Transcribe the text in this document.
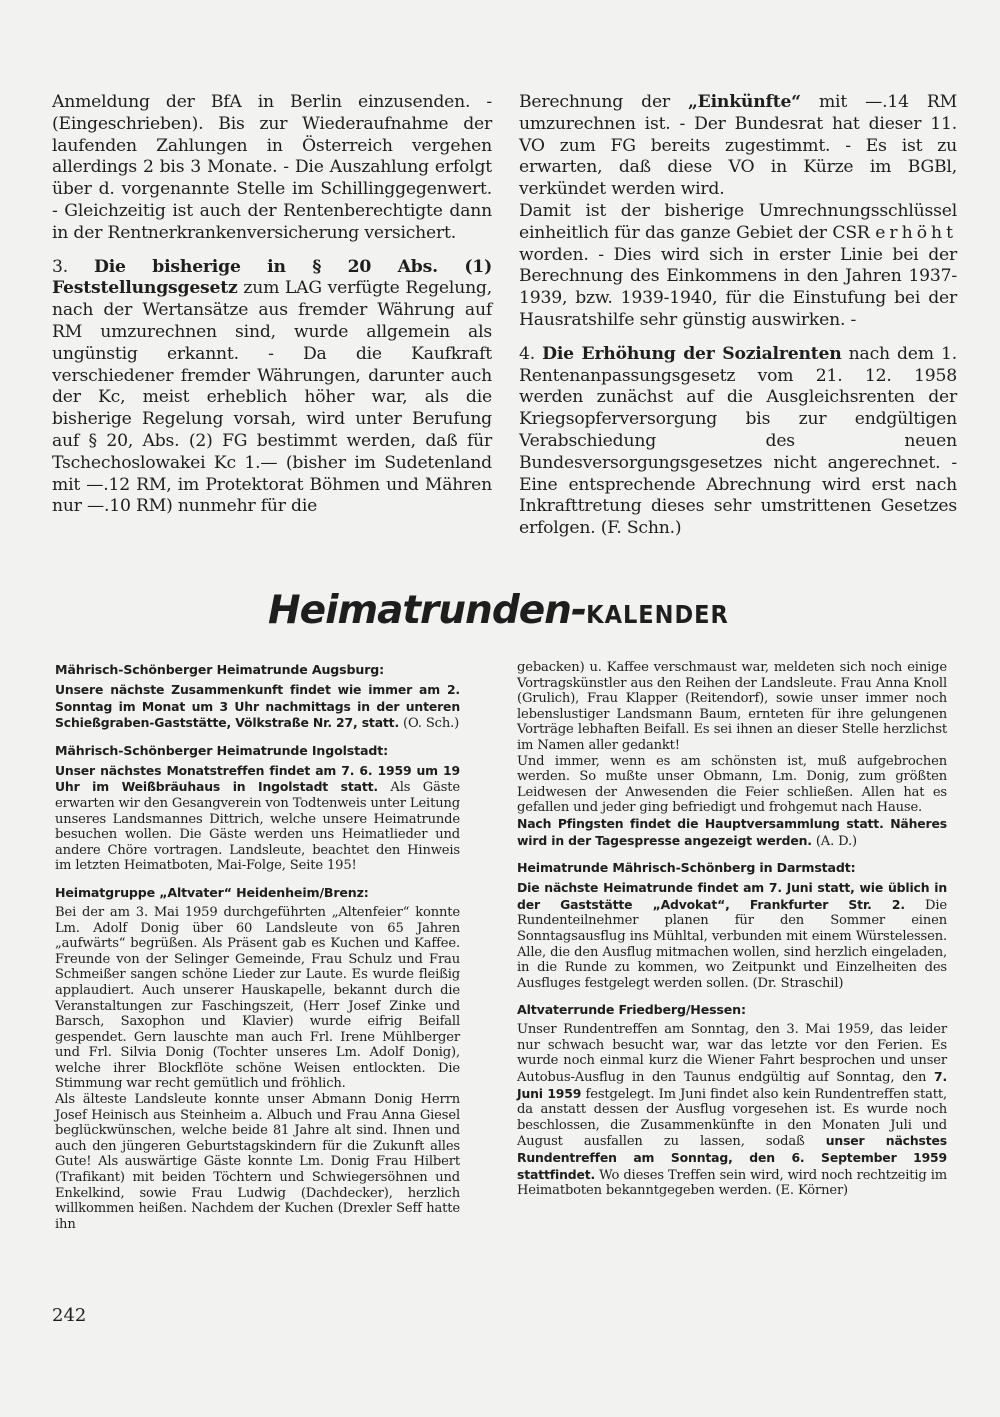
Anmeldung der BfA in Berlin einzusenden. - (Eingeschrieben). Bis zur Wiederaufnahme der laufenden Zahlungen in Österreich vergehen allerdings 2 bis 3 Monate. - Die Auszahlung erfolgt über d. vorgenannte Stelle im Schillinggegenwert. - Gleichzeitig ist auch der Rentenberechtigte dann in der Rentnerkrankenversicherung versichert.

3. Die bisherige in § 20 Abs. (1) Feststellungsgesetz zum LAG verfügte Regelung, nach der Wertansätze aus fremder Währung auf RM umzurechnen sind, wurde allgemein als ungünstig erkannt. - Da die Kaufkraft verschiedener fremder Währungen, darunter auch der Kc, meist erheblich höher war, als die bisherige Regelung vorsah, wird unter Berufung auf § 20, Abs. (2) FG bestimmt werden, daß für Tschechoslowakei Kc 1.— (bisher im Sudetenland mit —.12 RM, im Protektorat Böhmen und Mähren nur —.10 RM) nunmehr für die

Berechnung der „Einkünfte“ mit —.14 RM umzurechnen ist. - Der Bundesrat hat dieser 11. VO zum FG bereits zugestimmt. - Es ist zu erwarten, daß diese VO in Kürze im BGBl, verkündet werden wird.

Damit ist der bisherige Umrechnungsschlüssel einheitlich für das ganze Gebiet der CSR erhöht worden. - Dies wird sich in erster Linie bei der Berechnung des Einkommens in den Jahren 1937-1939, bzw. 1939-1940, für die Einstufung bei der Hausratshilfe sehr günstig auswirken. -

4. Die Erhöhung der Sozialrenten nach dem 1. Rentenanpassungsgesetz vom 21. 12. 1958 werden zunächst auf die Ausgleichsrenten der Kriegsopferversorgung bis zur endgültigen Verabschiedung des neuen Bundesversorgungsgesetzes nicht angerechnet. - Eine entsprechende Abrechnung wird erst nach Inkrafttretung dieses sehr umstrittenen Gesetzes erfolgen. (F. Schn.)

Heimatrunden-KALENDER
Mährisch-Schönberger Heimatrunde Augsburg:

Unsere nächste Zusammenkunft findet wie immer am 2. Sonntag im Monat um 3 Uhr nachmittags in der unteren Schießgraben-Gaststätte, Völkstraße Nr. 27, statt. (O. Sch.)

Mährisch-Schönberger Heimatrunde Ingolstadt:

Unser nächstes Monatstreffen findet am 7. 6. 1959 um 19 Uhr im Weißbräuhaus in Ingolstadt statt. Als Gäste erwarten wir den Gesangverein von Todtenweis unter Leitung unseres Landsmannes Dittrich, welche unsere Heimatrunde besuchen wollen. Die Gäste werden uns Heimatlieder und andere Chöre vortragen. Landsleute, beachtet den Hinweis im letzten Heimatboten, Mai-Folge, Seite 195!

Heimatgruppe „Altvater“ Heidenheim/Brenz:

Bei der am 3. Mai 1959 durchgeführten „Altenfeier“ konnte Lm. Adolf Donig über 60 Landsleute von 65 Jahren „aufwärts“ begrüßen. Als Präsent gab es Kuchen und Kaffee. Freunde von der Selinger Gemeinde, Frau Schulz und Frau Schmeißer sangen schöne Lieder zur Laute. Es wurde fleißig applaudiert. Auch unserer Hauskapelle, bekannt durch die Veranstaltungen zur Faschingszeit, (Herr Josef Zinke und Barsch, Saxophon und Klavier) wurde eifrig Beifall gespendet. Gern lauschte man auch Frl. Irene Mühlberger und Frl. Silvia Donig (Tochter unseres Lm. Adolf Donig), welche ihrer Blockflöte schöne Weisen entlockten. Die Stimmung war recht gemütlich und fröhlich.

Als älteste Landsleute konnte unser Abmann Donig Herrn Josef Heinisch aus Steinheim a. Albuch und Frau Anna Giesel beglückwünschen, welche beide 81 Jahre alt sind. Ihnen und auch den jüngeren Geburtstagskindern für die Zukunft alles Gute! Als auswärtige Gäste konnte Lm. Donig Frau Hilbert (Trafikant) mit beiden Töchtern und Schwiegersöhnen und Enkelkind, sowie Frau Ludwig (Dachdecker), herzlich willkommen heißen. Nachdem der Kuchen (Drexler Seff hatte ihn

gebacken) u. Kaffee verschmaust war, meldeten sich noch einige Vortragskünstler aus den Reihen der Landsleute. Frau Anna Knoll (Grulich), Frau Klapper (Reitendorf), sowie unser immer noch lebenslustiger Landsmann Baum, ernteten für ihre gelungenen Vorträge lebhaften Beifall. Es sei ihnen an dieser Stelle herzlichst im Namen aller gedankt!

Und immer, wenn es am schönsten ist, muß aufgebrochen werden. So mußte unser Obmann, Lm. Donig, zum größten Leidwesen der Anwesenden die Feier schließen. Allen hat es gefallen und jeder ging befriedigt und frohgemut nach Hause.

Nach Pfingsten findet die Hauptversammlung statt. Näheres wird in der Tagespresse angezeigt werden. (A. D.)

Heimatrunde Mährisch-Schönberg in Darmstadt:

Die nächste Heimatrunde findet am 7. Juni statt, wie üblich in der Gaststätte „Advokat“, Frankfurter Str. 2. Die Rundenteilnehmer planen für den Sommer einen Sonntagsausflug ins Mühltal, verbunden mit einem Würstelessen. Alle, die den Ausflug mitmachen wollen, sind herzlich eingeladen, in die Runde zu kommen, wo Zeitpunkt und Einzelheiten des Ausfluges festgelegt werden sollen. (Dr. Straschil)

Altvaterrunde Friedberg/Hessen:

Unser Rundentreffen am Sonntag, den 3. Mai 1959, das leider nur schwach besucht war, war das letzte vor den Ferien. Es wurde noch einmal kurz die Wiener Fahrt besprochen und unser Autobus-Ausflug in den Taunus endgültig auf Sonntag, den 7. Juni 1959 festgelegt. Im Juni findet also kein Rundentreffen statt, da anstatt dessen der Ausflug vorgesehen ist. Es wurde noch beschlossen, die Zusammenkünfte in den Monaten Juli und August ausfallen zu lassen, sodaß unser nächstes Rundentreffen am Sonntag, den 6. September 1959 stattfindet. Wo dieses Treffen sein wird, wird noch rechtzeitig im Heimatboten bekanntgegeben werden. (E. Körner)

242
